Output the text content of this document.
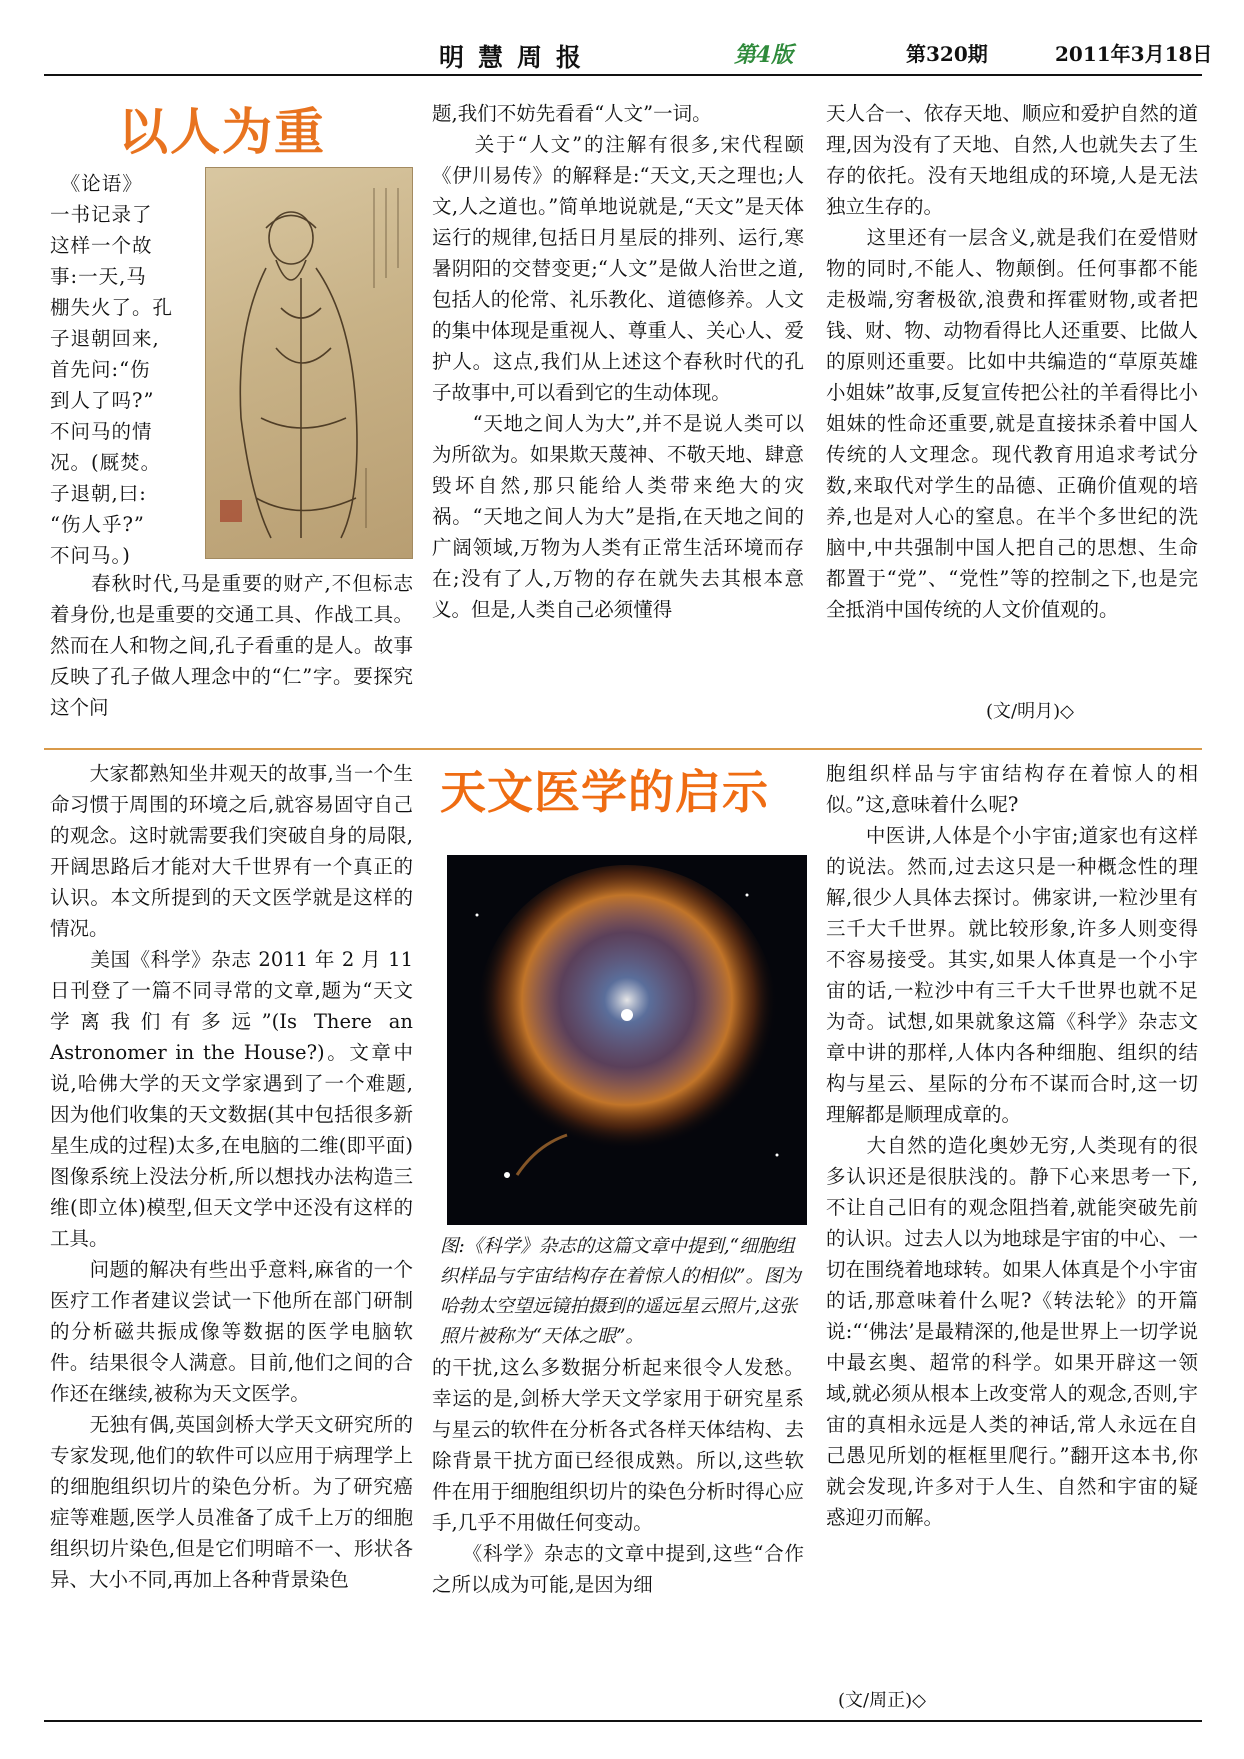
明慧周报	第4版	第320期	2011年3月18日
以人为重
　《论语》
一书记录了
这样一个故
事:一天,马
棚失火了。孔
子退朝回来,
首先问:“伤
到人了吗?”
不问马的情
况。(厩焚。
子退朝,曰:
“伤人乎?”
不问马。)
　　春秋时代,马是重要的财产,不但标志着身份,也是重要的交通工具、作战工具。然而在人和物之间,孔子看重的是人。故事反映了孔子做人理念中的“仁”字。要探究这个问
题,我们不妨先看看“人文”一词。
　　关于“人文”的注解有很多,宋代程颐《伊川易传》的解释是:“天文,天之理也;人文,人之道也。”简单地说就是,“天文”是天体运行的规律,包括日月星辰的排列、运行,寒暑阴阳的交替变更;“人文”是做人治世之道,包括人的伦常、礼乐教化、道德修养。人文的集中体现是重视人、尊重人、关心人、爱护人。这点,我们从上述这个春秋时代的孔子故事中,可以看到它的生动体现。
　　“天地之间人为大”,并不是说人类可以为所欲为。如果欺天蔑神、不敬天地、肆意毁坏自然,那只能给人类带来绝大的灾祸。“天地之间人为大”是指,在天地之间的广阔领域,万物为人类有正常生活环境而存在;没有了人,万物的存在就失去其根本意义。但是,人类自己必须懂得
天人合一、依存天地、顺应和爱护自然的道理,因为没有了天地、自然,人也就失去了生存的依托。没有天地组成的环境,人是无法独立生存的。
　　这里还有一层含义,就是我们在爱惜财物的同时,不能人、物颠倒。任何事都不能走极端,穷奢极欲,浪费和挥霍财物,或者把钱、财、物、动物看得比人还重要、比做人的原则还重要。比如中共编造的“草原英雄小姐妹”故事,反复宣传把公社的羊看得比小姐妹的性命还重要,就是直接抹杀着中国人传统的人文理念。现代教育用追求考试分数,来取代对学生的品德、正确价值观的培养,也是对人心的窒息。在半个多世纪的洗脑中,中共强制中国人把自己的思想、生命都置于“党”、“党性”等的控制之下,也是完全抵消中国传统的人文价值观的。
(文/明月)◇
　　大家都熟知坐井观天的故事,当一个生命习惯于周围的环境之后,就容易固守自己的观念。这时就需要我们突破自身的局限,开阔思路后才能对大千世界有一个真正的认识。本文所提到的天文医学就是这样的情况。
　　美国《科学》杂志 2011 年 2 月 11 日刊登了一篇不同寻常的文章,题为“天文学离我们有多远”(Is There an Astronomer in the House?)。文章中说,哈佛大学的天文学家遇到了一个难题,因为他们收集的天文数据(其中包括很多新星生成的过程)太多,在电脑的二维(即平面)图像系统上没法分析,所以想找办法构造三维(即立体)模型,但天文学中还没有这样的工具。
　　问题的解决有些出乎意料,麻省的一个医疗工作者建议尝试一下他所在部门研制的分析磁共振成像等数据的医学电脑软件。结果很令人满意。目前,他们之间的合作还在继续,被称为天文医学。
　　无独有偶,英国剑桥大学天文研究所的专家发现,他们的软件可以应用于病理学上的细胞组织切片的染色分析。为了研究癌症等难题,医学人员准备了成千上万的细胞组织切片染色,但是它们明暗不一、形状各异、大小不同,再加上各种背景染色
天文医学的启示
图:《科学》杂志的这篇文章中提到,“细胞组织样品与宇宙结构存在着惊人的相似”。图为哈勃太空望远镜拍摄到的遥远星云照片,这张照片被称为“天体之眼”。
的干扰,这么多数据分析起来很令人发愁。幸运的是,剑桥大学天文学家用于研究星系与星云的软件在分析各式各样天体结构、去除背景干扰方面已经很成熟。所以,这些软件在用于细胞组织切片的染色分析时得心应手,几乎不用做任何变动。
　　《科学》杂志的文章中提到,这些“合作之所以成为可能,是因为细
胞组织样品与宇宙结构存在着惊人的相似。”这,意味着什么呢?
　　中医讲,人体是个小宇宙;道家也有这样的说法。然而,过去这只是一种概念性的理解,很少人具体去探讨。佛家讲,一粒沙里有三千大千世界。就比较形象,许多人则变得不容易接受。其实,如果人体真是一个小宇宙的话,一粒沙中有三千大千世界也就不足为奇。试想,如果就象这篇《科学》杂志文章中讲的那样,人体内各种细胞、组织的结构与星云、星际的分布不谋而合时,这一切理解都是顺理成章的。
　　大自然的造化奥妙无穷,人类现有的很多认识还是很肤浅的。静下心来思考一下,不让自己旧有的观念阻挡着,就能突破先前的认识。过去人以为地球是宇宙的中心、一切在围绕着地球转。如果人体真是个小宇宙的话,那意味着什么呢?《转法轮》的开篇说:“‘佛法’是最精深的,他是世界上一切学说中最玄奥、超常的科学。如果开辟这一领域,就必须从根本上改变常人的观念,否则,宇宙的真相永远是人类的神话,常人永远在自己愚见所划的框框里爬行。”翻开这本书,你就会发现,许多对于人生、自然和宇宙的疑惑迎刃而解。
(文/周正)◇
